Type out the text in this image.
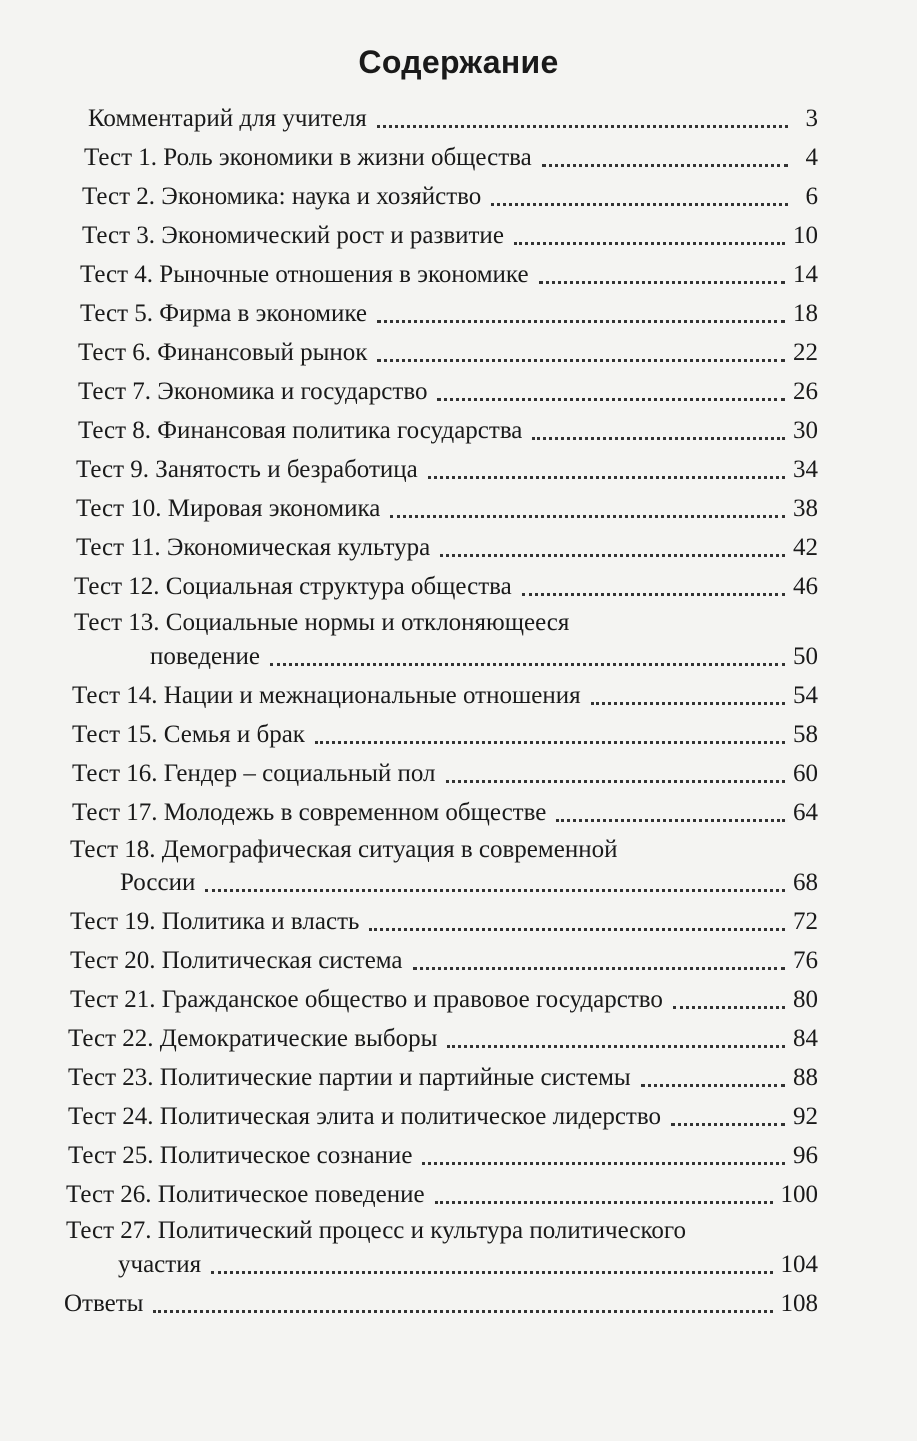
Содержание
Комментарий для учителя	3
Тест 1. Роль экономики в жизни общества	4
Тест 2. Экономика: наука и хозяйство	6
Тест 3. Экономический рост и развитие	10
Тест 4. Рыночные отношения в экономике	14
Тест 5. Фирма в экономике	18
Тест 6. Финансовый рынок	22
Тест 7. Экономика и государство	26
Тест 8. Финансовая политика государства	30
Тест 9. Занятость и безработица	34
Тест 10. Мировая экономика	38
Тест 11. Экономическая культура	42
Тест 12. Социальная структура общества	46
Тест 13. Социальные нормы и отклоняющееся
поведение	50
Тест 14. Нации и межнациональные отношения	54
Тест 15. Семья и брак	58
Тест 16. Гендер – социальный пол	60
Тест 17. Молодежь в современном обществе	64
Тест 18. Демографическая ситуация в современной
России	68
Тест 19. Политика и власть	72
Тест 20. Политическая система	76
Тест 21. Гражданское общество и правовое государство	80
Тест 22. Демократические выборы	84
Тест 23. Политические партии и партийные системы	88
Тест 24. Политическая элита и политическое лидерство	92
Тест 25. Политическое сознание	96
Тест 26. Политическое поведение	100
Тест 27. Политический процесс и культура политического
участия	104
Ответы	108
